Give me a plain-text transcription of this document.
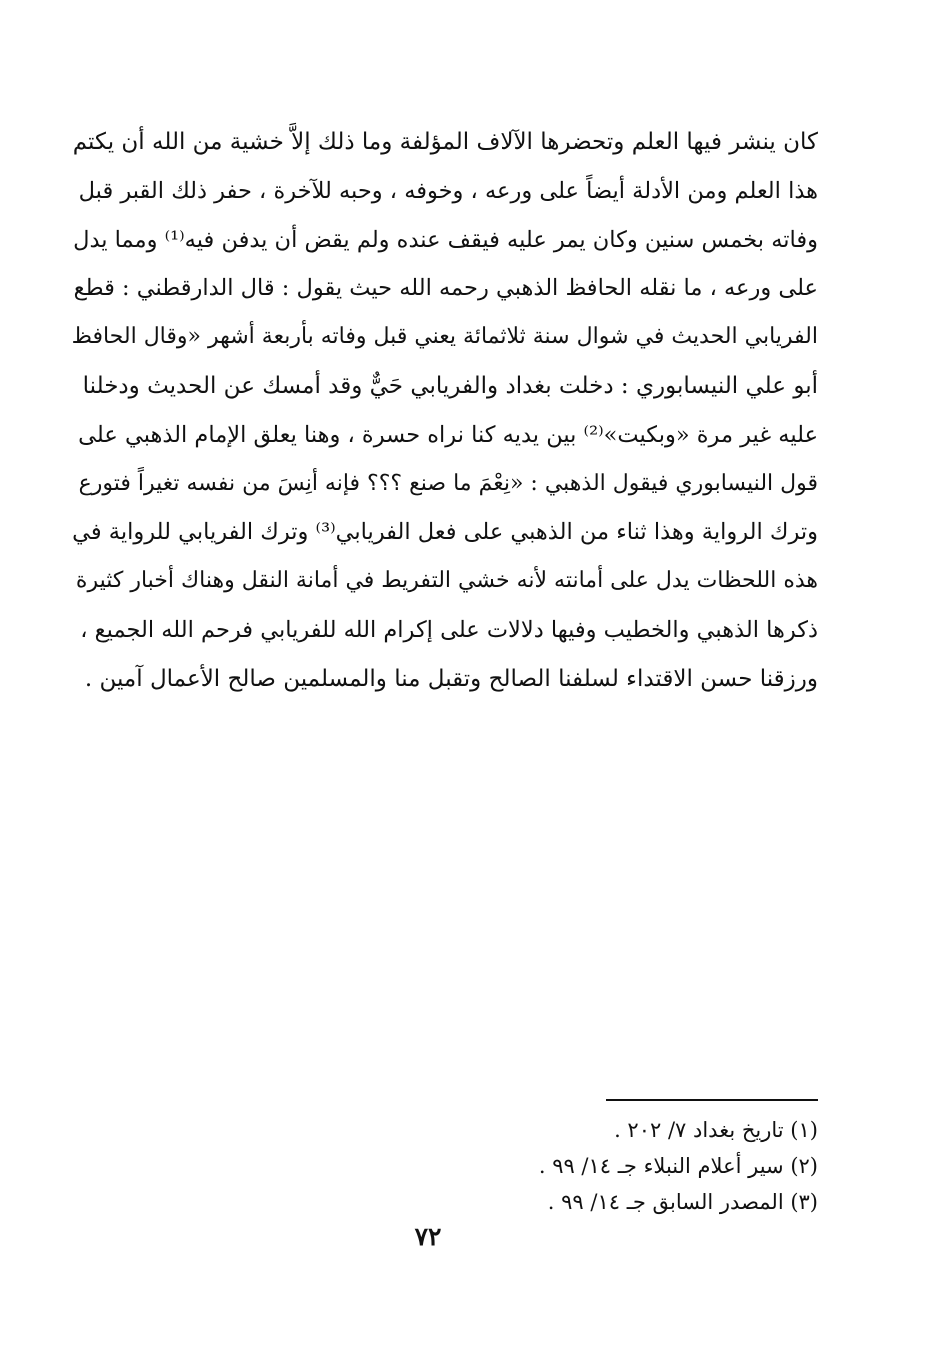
كان ينشر فيها العلم وتحضرها الآلاف المؤلفة وما ذلك إلاَّ خشية من الله أن يكتم
هذا العلم ومن الأدلة أيضاً على ورعه ، وخوفه ، وحبه للآخرة ، حفر ذلك القبر قبل
وفاته بخمس سنين وكان يمر عليه فيقف عنده ولم يقض أن يدفن فيه⁽¹⁾ ومما يدل
على ورعه ، ما نقله الحافظ الذهبي رحمه الله حيث يقول : قال الدارقطني : قطع
الفريابي الحديث في شوال سنة ثلاثمائة يعني قبل وفاته بأربعة أشهر «وقال الحافظ
أبو علي النيسابوري : دخلت بغداد والفريابي حَيٌّ وقد أمسك عن الحديث ودخلنا
عليه غير مرة «وبكيت»⁽²⁾ بين يديه كنا نراه حسرة ، وهنا يعلق الإمام الذهبي على
قول النيسابوري فيقول الذهبي : «نِعْمَ ما صنع ؟؟؟ فإنه أنِسَ من نفسه تغيراً فتورع
وترك الرواية وهذا ثناء من الذهبي على فعل الفريابي⁽³⁾ وترك الفريابي للرواية في
هذه اللحظات يدل على أمانته لأنه خشي التفريط في أمانة النقل وهناك أخبار كثيرة
ذكرها الذهبي والخطيب وفيها دلالات على إكرام الله للفريابي فرحم الله الجميع ،
ورزقنا حسن الاقتداء لسلفنا الصالح وتقبل منا والمسلمين صالح الأعمال آمين .
(١) تاريخ بغداد ٧/ ٢٠٢ .
(٢) سير أعلام النبلاء جـ ١٤/ ٩٩ .
(٣) المصدر السابق جـ ١٤/ ٩٩ .
٧٢
